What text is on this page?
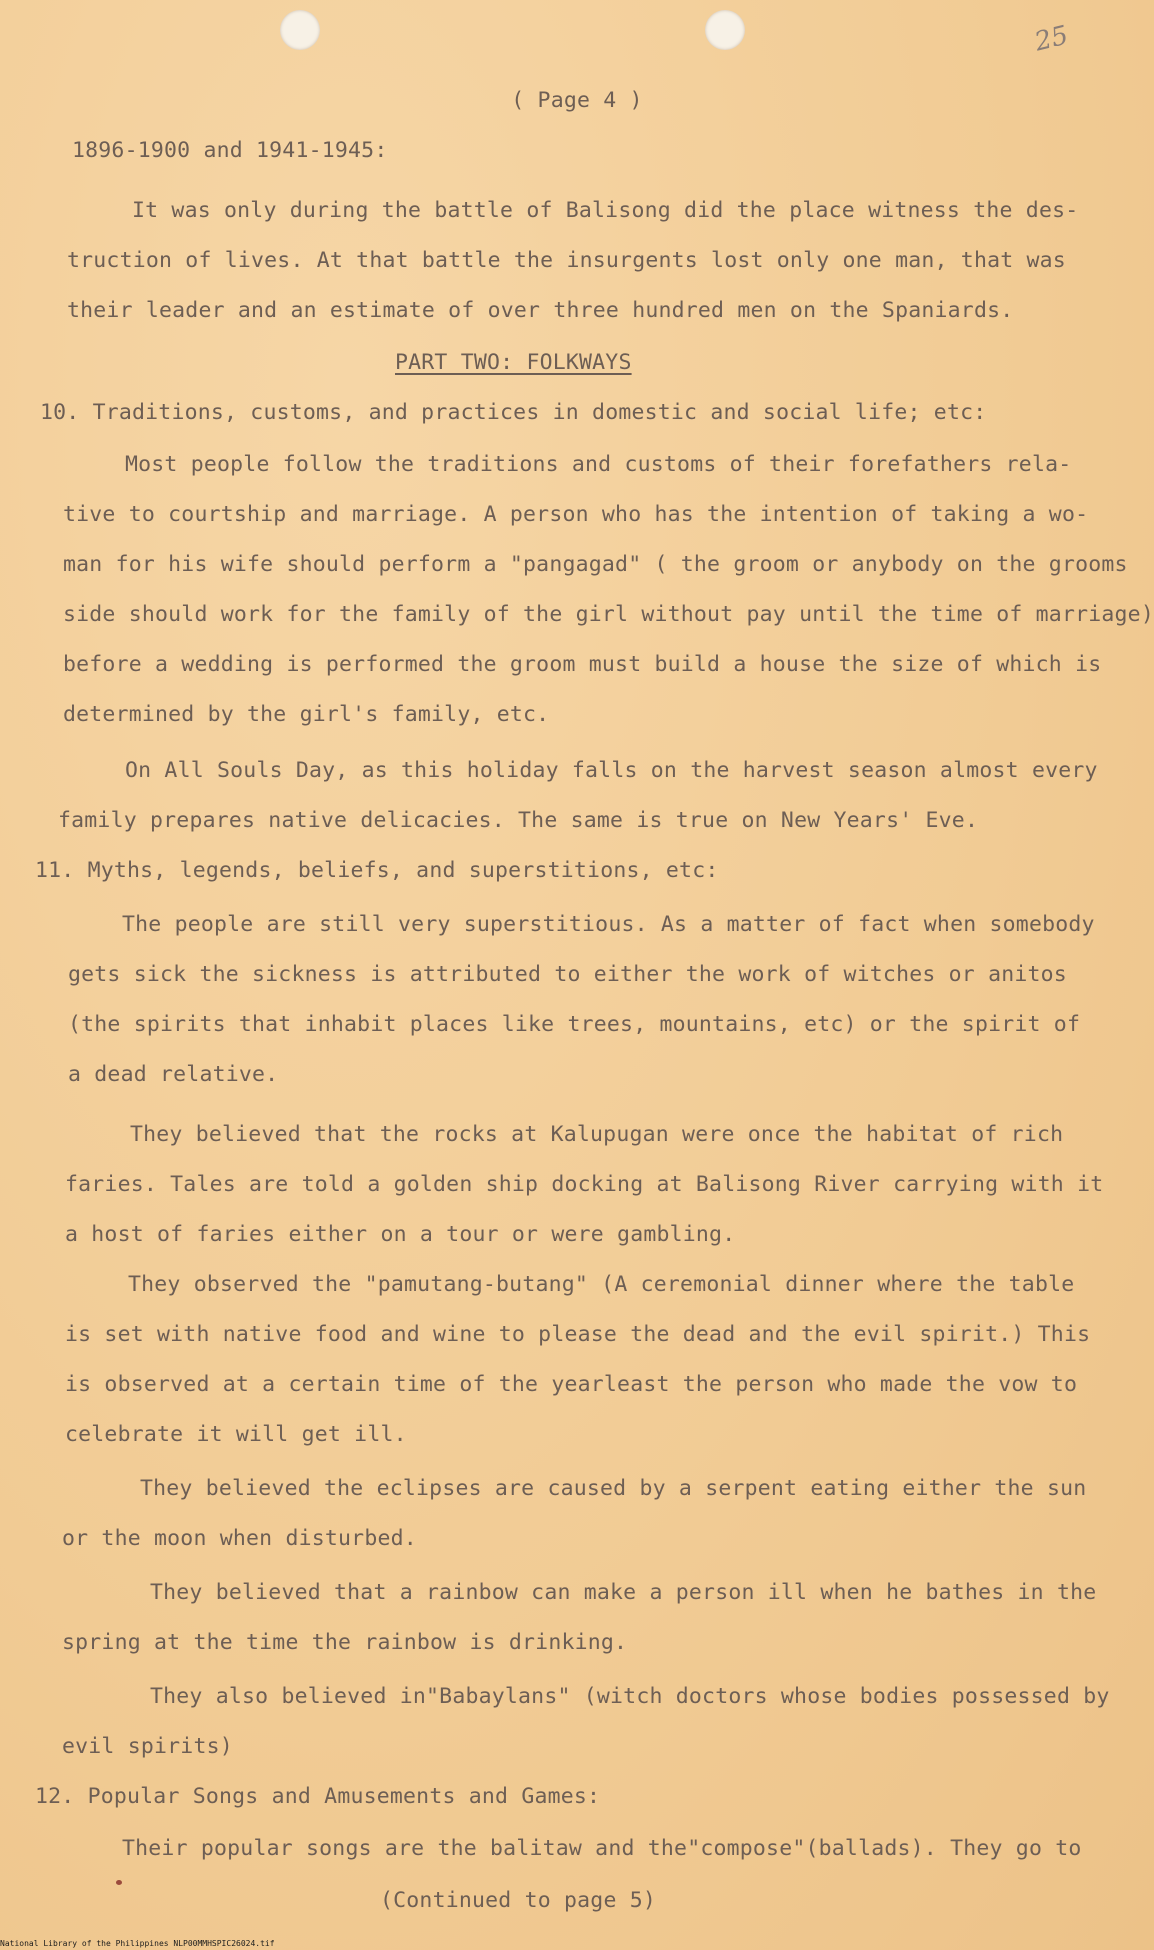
25
( Page 4 )
1896-1900 and 1941-1945:
It was only during the battle of Balisong did the place witness the des-
truction of lives. At that battle the insurgents lost only one man, that was
their leader and an estimate of over three hundred men on the Spaniards.
PART TWO: FOLKWAYS
10. Traditions, customs, and practices in domestic and social life; etc:
Most people follow the traditions and customs of their forefathers rela-
tive to courtship and marriage. A person who has the intention of taking a wo-
man for his wife should perform a "pangagad" ( the groom or anybody on the grooms
side should work for the family of the girl without pay until the time of marriage)
before a wedding is performed the groom must build a house the size of which is
determined by the girl's family, etc.
On All Souls Day, as this holiday falls on the harvest season almost every
family prepares native delicacies. The same is true on New Years' Eve.
11. Myths, legends, beliefs, and superstitions, etc:
The people are still very superstitious. As a matter of fact when somebody
gets sick the sickness is attributed to either the work of witches or anitos
(the spirits that inhabit places like trees, mountains, etc) or the spirit of
a dead relative.
They believed that the rocks at Kalupugan were once the habitat of rich
faries. Tales are told a golden ship docking at Balisong River carrying with it
a host of faries either on a tour or were gambling.
They observed the "pamutang-butang" (A ceremonial dinner where the table
is set with native food and wine to please the dead and the evil spirit.) This
is observed at a certain time of the yearleast the person who made the vow to
celebrate it will get ill.
They believed the eclipses are caused by a serpent eating either the sun
or the moon when disturbed.
They believed that a rainbow can make a person ill when he bathes in the
spring at the time the rainbow is drinking.
They also believed in"Babaylans" (witch doctors whose bodies possessed by
evil spirits)
12. Popular Songs and Amusements and Games:
Their popular songs are the balitaw and the"compose"(ballads). They go to
(Continued to page 5)
National Library of the Philippines NLP00MMHSPIC26024.tif
